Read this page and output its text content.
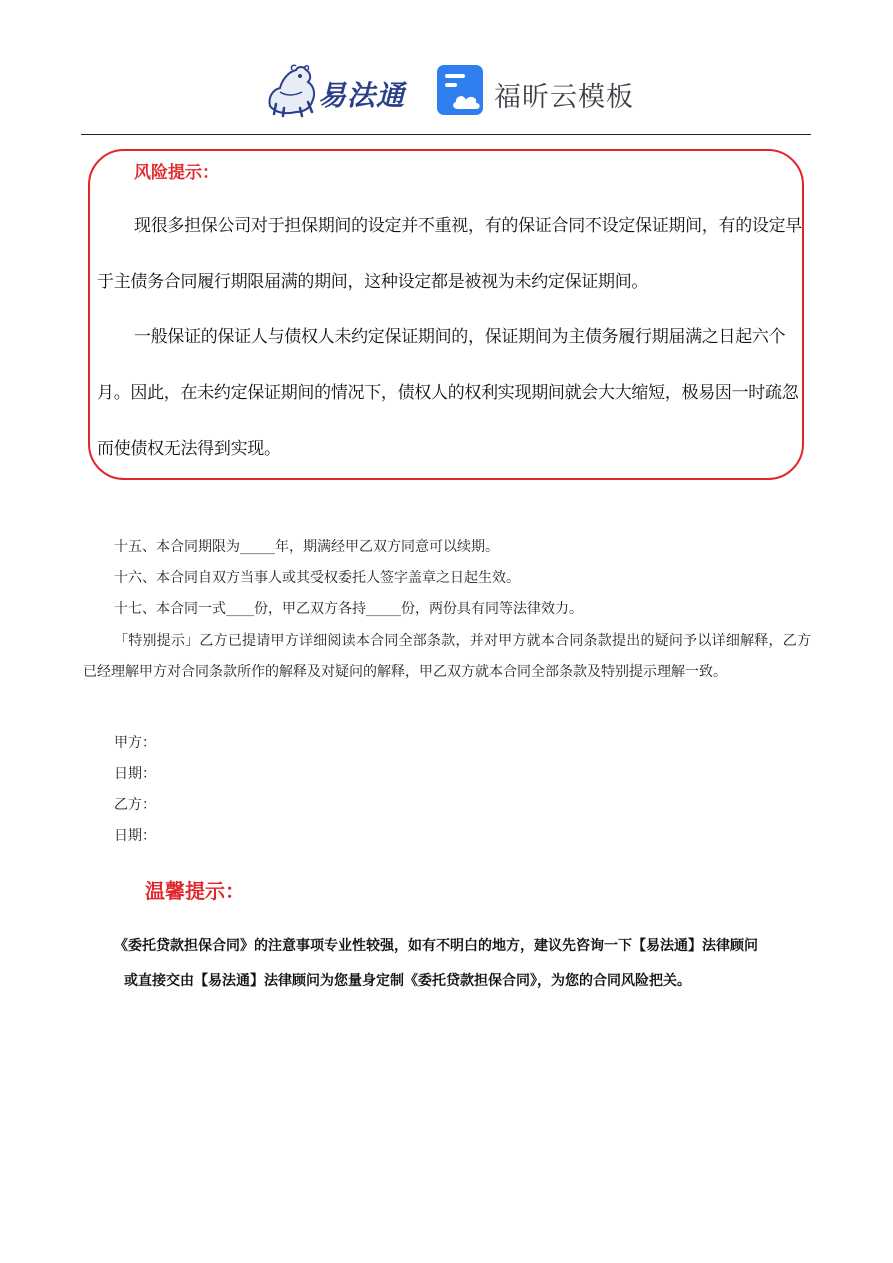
易法通	福昕云模板
风险提示：

现很多担保公司对于担保期间的设定并不重视，有的保证合同不设定保证期间，有的设定早于主债务合同履行期限届满的期间，这种设定都是被视为未约定保证期间。

一般保证的保证人与债权人未约定保证期间的，保证期间为主债务履行期届满之日起六个月。因此，在未约定保证期间的情况下，债权人的权利实现期间就会大大缩短，极易因一时疏忽而使债权无法得到实现。

十五、本合同期限为_____年，期满经甲乙双方同意可以续期。

十六、本合同自双方当事人或其受权委托人签字盖章之日起生效。

十七、本合同一式____份，甲乙双方各持_____份，两份具有同等法律效力。

「特别提示」乙方已提请甲方详细阅读本合同全部条款，并对甲方就本合同条款提出的疑问予以详细解释，乙方已经理解甲方对合同条款所作的解释及对疑问的解释，甲乙双方就本合同全部条款及特别提示理解一致。

甲方：

日期：

乙方：

日期：

温馨提示：

《委托贷款担保合同》的注意事项专业性较强，如有不明白的地方，建议先咨询一下【易法通】法律顾问

或直接交由【易法通】法律顾问为您量身定制《委托贷款担保合同》，为您的合同风险把关。
